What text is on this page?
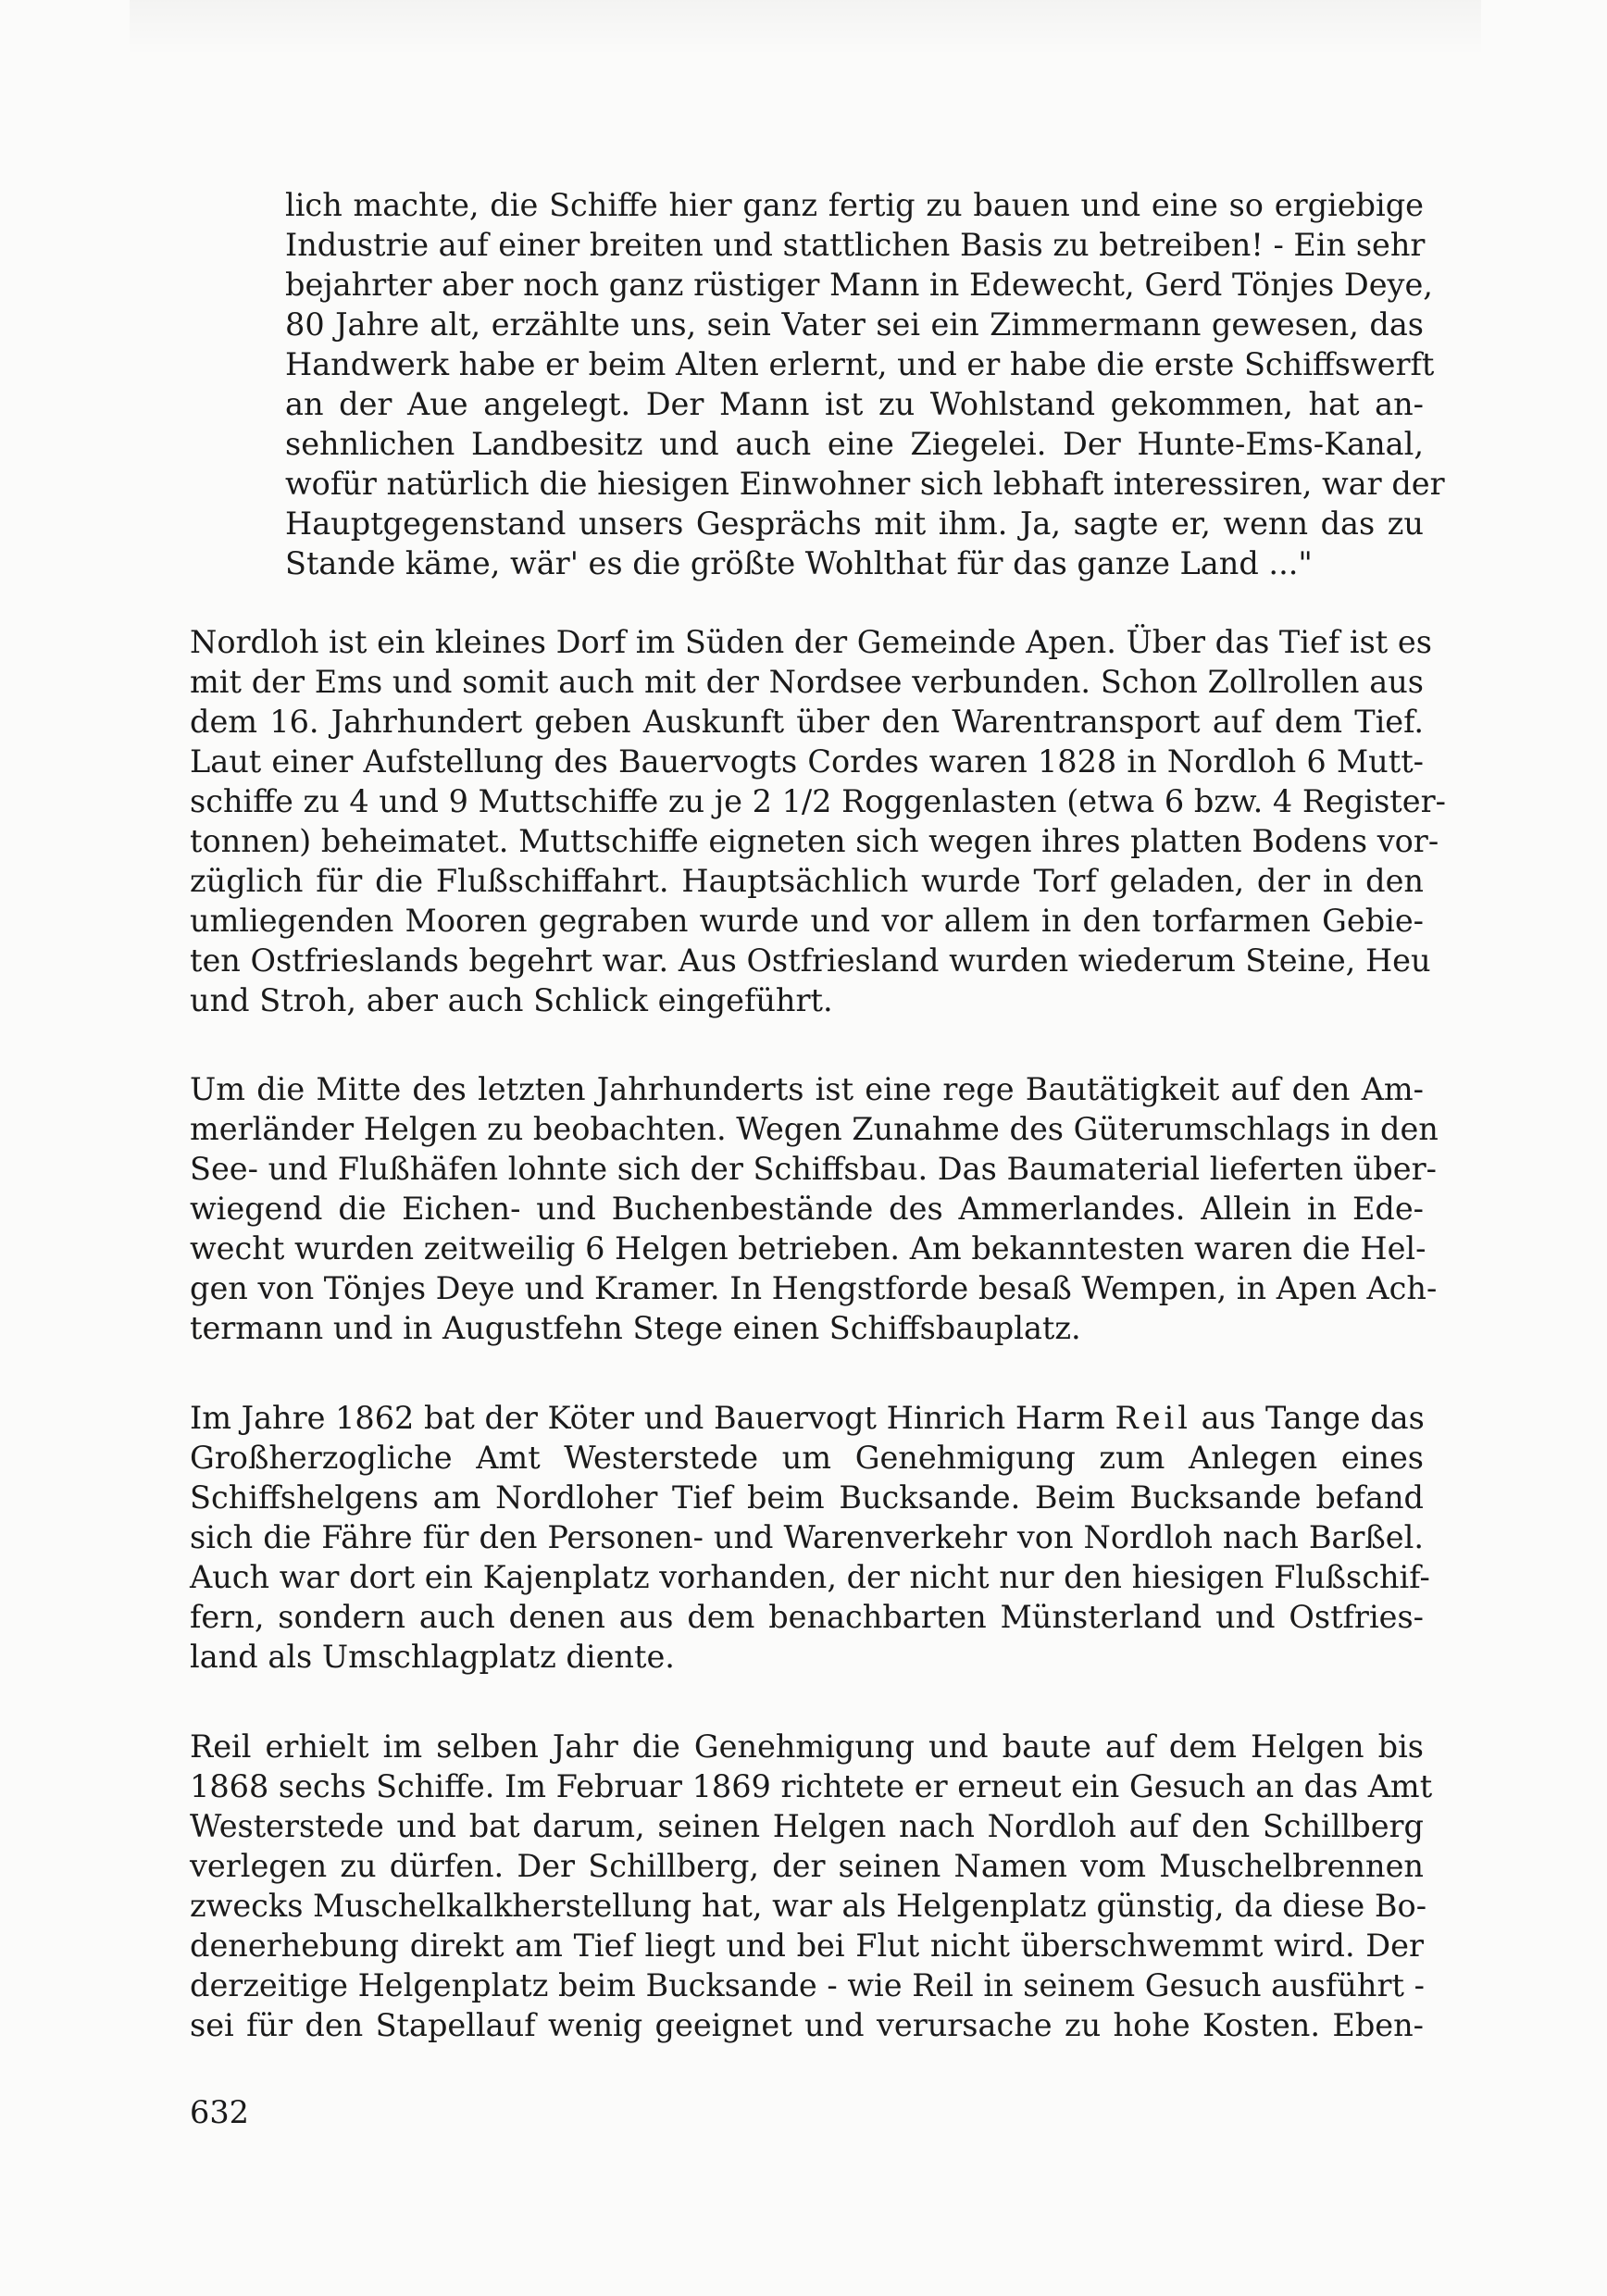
lich machte, die Schiffe hier ganz fertig zu bauen und eine so ergiebige
Industrie auf einer breiten und stattlichen Basis zu betreiben! - Ein sehr
bejahrter aber noch ganz rüstiger Mann in Edewecht, Gerd Tönjes Deye,
80 Jahre alt, erzählte uns, sein Vater sei ein Zimmermann gewesen, das
Handwerk habe er beim Alten erlernt, und er habe die erste Schiffswerft
an der Aue angelegt. Der Mann ist zu Wohlstand gekommen, hat an-
sehnlichen Landbesitz und auch eine Ziegelei. Der Hunte-Ems-Kanal,
wofür natürlich die hiesigen Einwohner sich lebhaft interessiren, war der
Hauptgegenstand unsers Gesprächs mit ihm. Ja, sagte er, wenn das zu
Stande käme, wär' es die größte Wohlthat für das ganze Land ..."
Nordloh ist ein kleines Dorf im Süden der Gemeinde Apen. Über das Tief ist es
mit der Ems und somit auch mit der Nordsee verbunden. Schon Zollrollen aus
dem 16. Jahrhundert geben Auskunft über den Warentransport auf dem Tief.
Laut einer Aufstellung des Bauervogts Cordes waren 1828 in Nordloh 6 Mutt-
schiffe zu 4 und 9 Muttschiffe zu je 2 1/2 Roggenlasten (etwa 6 bzw. 4 Register-
tonnen) beheimatet. Muttschiffe eigneten sich wegen ihres platten Bodens vor-
züglich für die Flußschiffahrt. Hauptsächlich wurde Torf geladen, der in den
umliegenden Mooren gegraben wurde und vor allem in den torfarmen Gebie-
ten Ostfrieslands begehrt war. Aus Ostfriesland wurden wiederum Steine, Heu
und Stroh, aber auch Schlick eingeführt.
Um die Mitte des letzten Jahrhunderts ist eine rege Bautätigkeit auf den Am-
merländer Helgen zu beobachten. Wegen Zunahme des Güterumschlags in den
See- und Flußhäfen lohnte sich der Schiffsbau. Das Baumaterial lieferten über-
wiegend die Eichen- und Buchenbestände des Ammerlandes. Allein in Ede-
wecht wurden zeitweilig 6 Helgen betrieben. Am bekanntesten waren die Hel-
gen von Tönjes Deye und Kramer. In Hengstforde besaß Wempen, in Apen Ach-
termann und in Augustfehn Stege einen Schiffsbauplatz.
Im Jahre 1862 bat der Köter und Bauervogt Hinrich Harm Reil aus Tange das
Großherzogliche Amt Westerstede um Genehmigung zum Anlegen eines
Schiffshelgens am Nordloher Tief beim Bucksande. Beim Bucksande befand
sich die Fähre für den Personen- und Warenverkehr von Nordloh nach Barßel.
Auch war dort ein Kajenplatz vorhanden, der nicht nur den hiesigen Flußschif-
fern, sondern auch denen aus dem benachbarten Münsterland und Ostfries-
land als Umschlagplatz diente.
Reil erhielt im selben Jahr die Genehmigung und baute auf dem Helgen bis
1868 sechs Schiffe. Im Februar 1869 richtete er erneut ein Gesuch an das Amt
Westerstede und bat darum, seinen Helgen nach Nordloh auf den Schillberg
verlegen zu dürfen. Der Schillberg, der seinen Namen vom Muschelbrennen
zwecks Muschelkalkherstellung hat, war als Helgenplatz günstig, da diese Bo-
denerhebung direkt am Tief liegt und bei Flut nicht überschwemmt wird. Der
derzeitige Helgenplatz beim Bucksande - wie Reil in seinem Gesuch ausführt -
sei für den Stapellauf wenig geeignet und verursache zu hohe Kosten. Eben-
632
